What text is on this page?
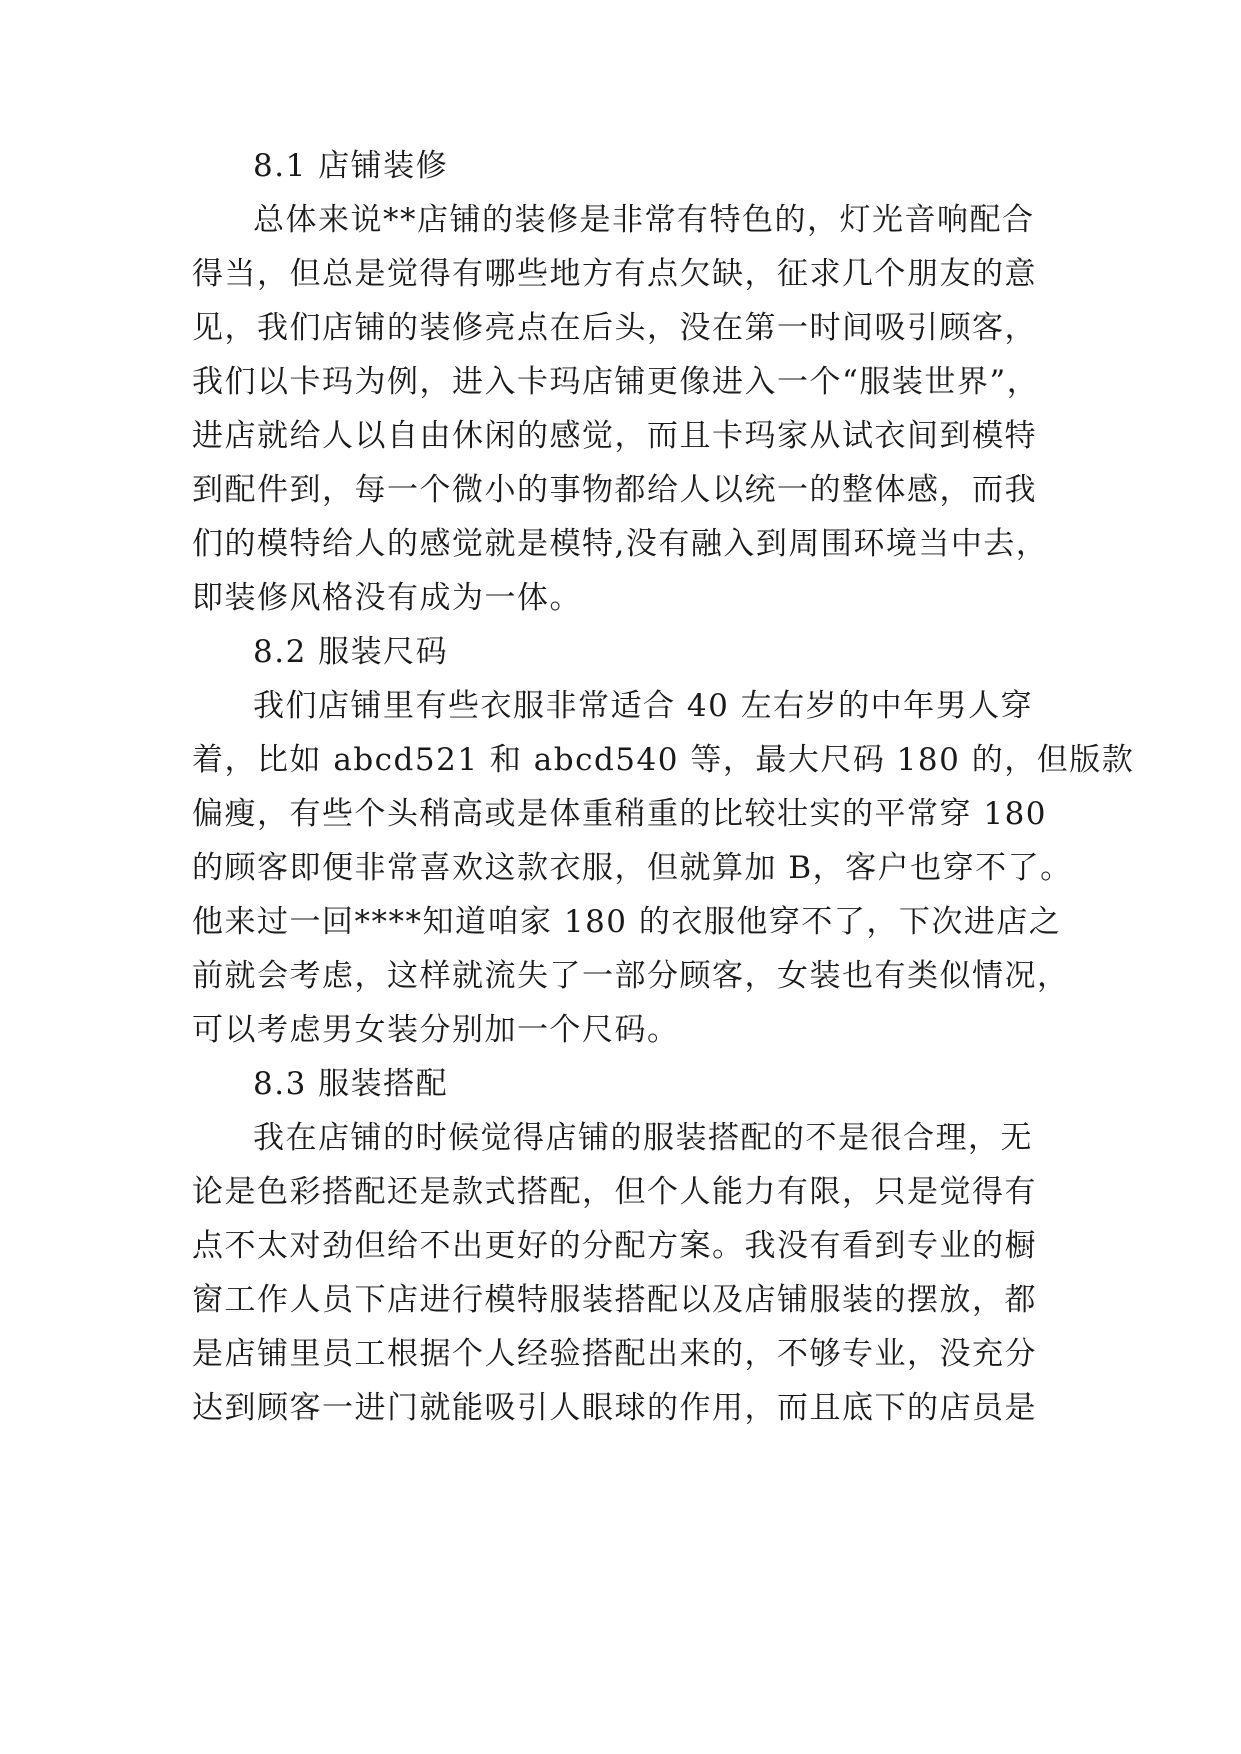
8.1 店铺装修
总体来说**店铺的装修是非常有特色的，灯光音响配合
得当，但总是觉得有哪些地方有点欠缺，征求几个朋友的意
见，我们店铺的装修亮点在后头，没在第一时间吸引顾客，
我们以卡玛为例，进入卡玛店铺更像进入一个“服装世界”，
进店就给人以自由休闲的感觉，而且卡玛家从试衣间到模特
到配件到，每一个微小的事物都给人以统一的整体感，而我
们的模特给人的感觉就是模特,没有融入到周围环境当中去，
即装修风格没有成为一体。
8.2 服装尺码
我们店铺里有些衣服非常适合 40 左右岁的中年男人穿
着，比如 abcd521 和 abcd540 等，最大尺码 180 的，但版款
偏瘦，有些个头稍高或是体重稍重的比较壮实的平常穿 180
的顾客即便非常喜欢这款衣服，但就算加 B，客户也穿不了。
他来过一回****知道咱家 180 的衣服他穿不了，下次进店之
前就会考虑，这样就流失了一部分顾客，女装也有类似情况，
可以考虑男女装分别加一个尺码。
8.3 服装搭配
我在店铺的时候觉得店铺的服装搭配的不是很合理，无
论是色彩搭配还是款式搭配，但个人能力有限，只是觉得有
点不太对劲但给不出更好的分配方案。我没有看到专业的橱
窗工作人员下店进行模特服装搭配以及店铺服装的摆放，都
是店铺里员工根据个人经验搭配出来的，不够专业，没充分
达到顾客一进门就能吸引人眼球的作用，而且底下的店员是
